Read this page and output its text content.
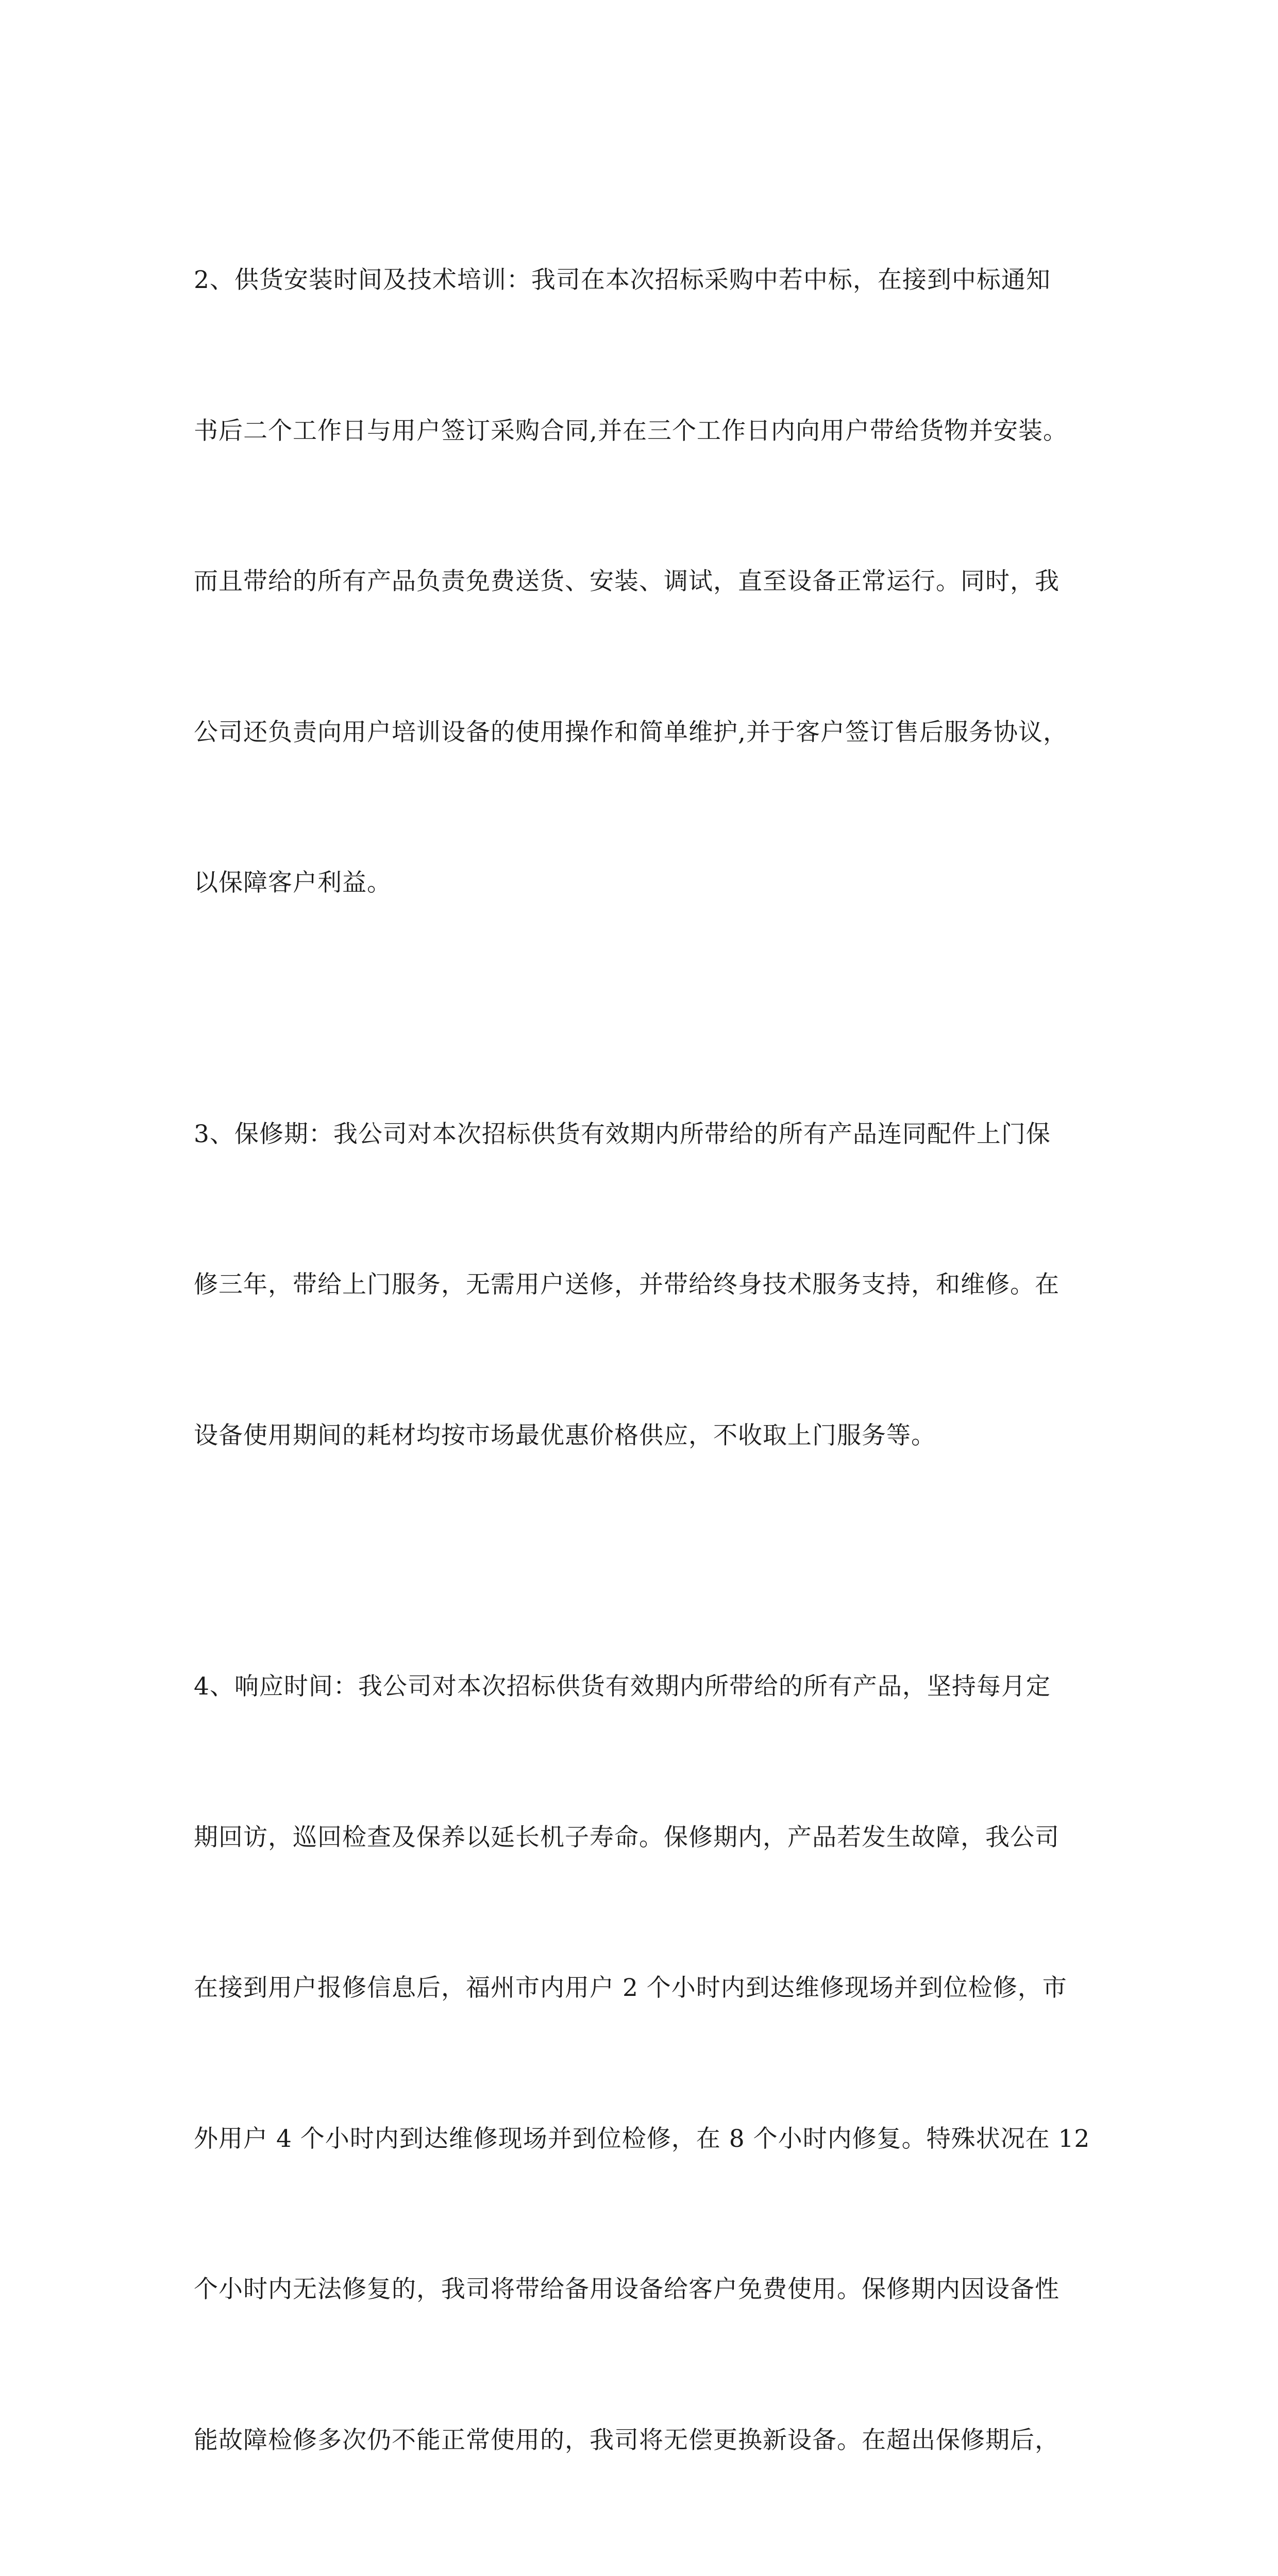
2、供货安装时间及技术培训：我司在本次招标采购中若中标，在接到中标通知

书后二个工作日与用户签订采购合同,并在三个工作日内向用户带给货物并安装。

而且带给的所有产品负责免费送货、安装、调试，直至设备正常运行。同时，我

公司还负责向用户培训设备的使用操作和简单维护,并于客户签订售后服务协议，

以保障客户利益。

3、保修期：我公司对本次招标供货有效期内所带给的所有产品连同配件上门保

修三年，带给上门服务，无需用户送修，并带给终身技术服务支持，和维修。在

设备使用期间的耗材均按市场最优惠价格供应，不收取上门服务等。

4、响应时间：我公司对本次招标供货有效期内所带给的所有产品，坚持每月定

期回访，巡回检查及保养以延长机子寿命。保修期内，产品若发生故障，我公司

在接到用户报修信息后，福州市内用户 2 个小时内到达维修现场并到位检修，市

外用户 4 个小时内到达维修现场并到位检修，在 8 个小时内修复。特殊状况在 12

个小时内无法修复的，我司将带给备用设备给客户免费使用。保修期内因设备性

能故障检修多次仍不能正常使用的，我司将无偿更换新设备。在超出保修期后，
